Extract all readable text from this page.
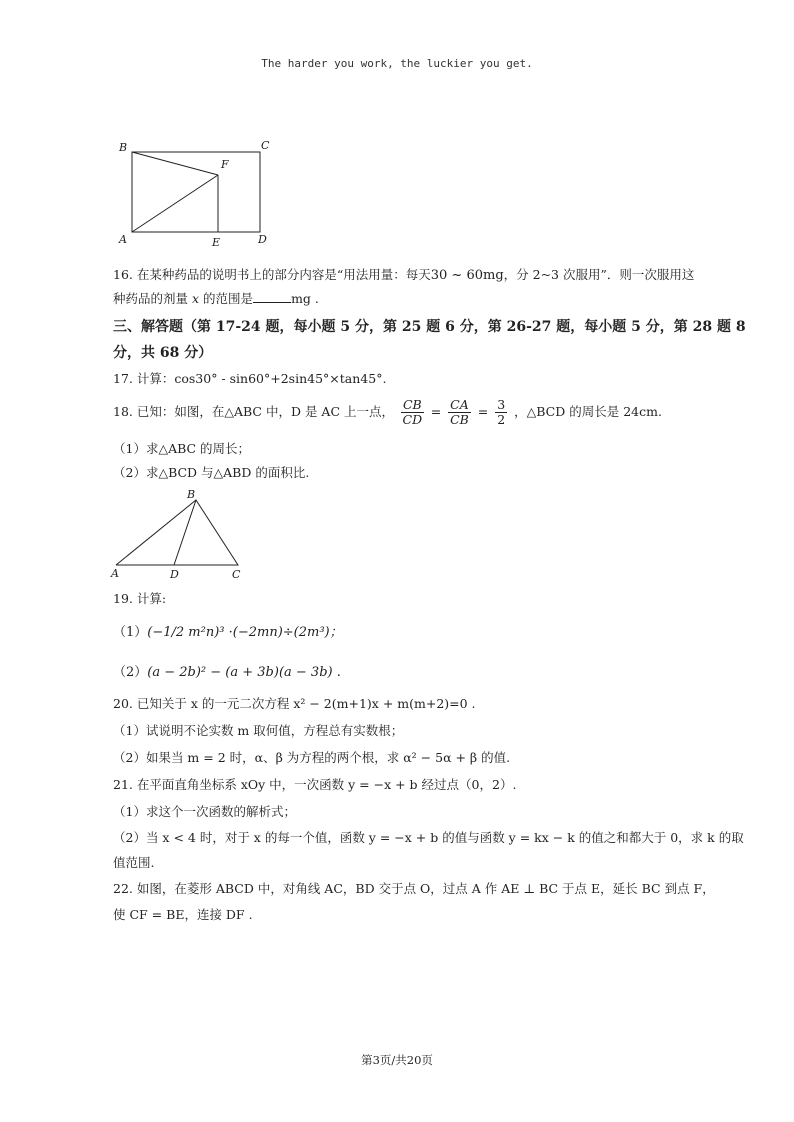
The harder you work, the luckier you get.
B	C
F
A	E	D
16. 在某种药品的说明书上的部分内容是“用法用量：每天30 ~ 60mg，分 2~3 次服用”．则一次服用这
种药品的剂量 x 的范围是	mg .
三、解答题（第 17-24 题，每小题 5 分，第 25 题 6 分，第 26-27 题，每小题 5 分，第 28 题 8
分，共 68 分）
17. 计算：cos30° - sin60°+2sin45°×tan45°.
18. 已知：如图，在△ABC 中，D 是 AC 上一点， $\frac{CB}{CD} = \frac{CA}{CB} = \frac{3}{2}$ ，△BCD 的周长是 24cm.
（1）求△ABC 的周长；
（2）求△BCD 与△ABD 的面积比.
B
A	D	C
19. 计算:
（1）(−1/2 m²n)³ ·(−2mn)÷(2m³)；
（2）(a − 2b)² − (a + 3b)(a − 3b) .
20. 已知关于 x 的一元二次方程 x² − 2(m+1)x + m(m+2)=0 .
（1）试说明不论实数 m 取何值，方程总有实数根；
（2）如果当 m = 2 时，α、β 为方程的两个根，求 α² − 5α + β 的值.
21. 在平面直角坐标系 xOy 中，一次函数 y = −x + b 经过点（0，2）.
（1）求这个一次函数的解析式；
（2）当 x < 4 时，对于 x 的每一个值，函数 y = −x + b 的值与函数 y = kx − k 的值之和都大于 0，求 k 的取
值范围.
22. 如图，在菱形 ABCD 中，对角线 AC，BD 交于点 O，过点 A 作 AE ⊥ BC 于点 E，延长 BC 到点 F，
使 CF = BE，连接 DF .
第3页/共20页
